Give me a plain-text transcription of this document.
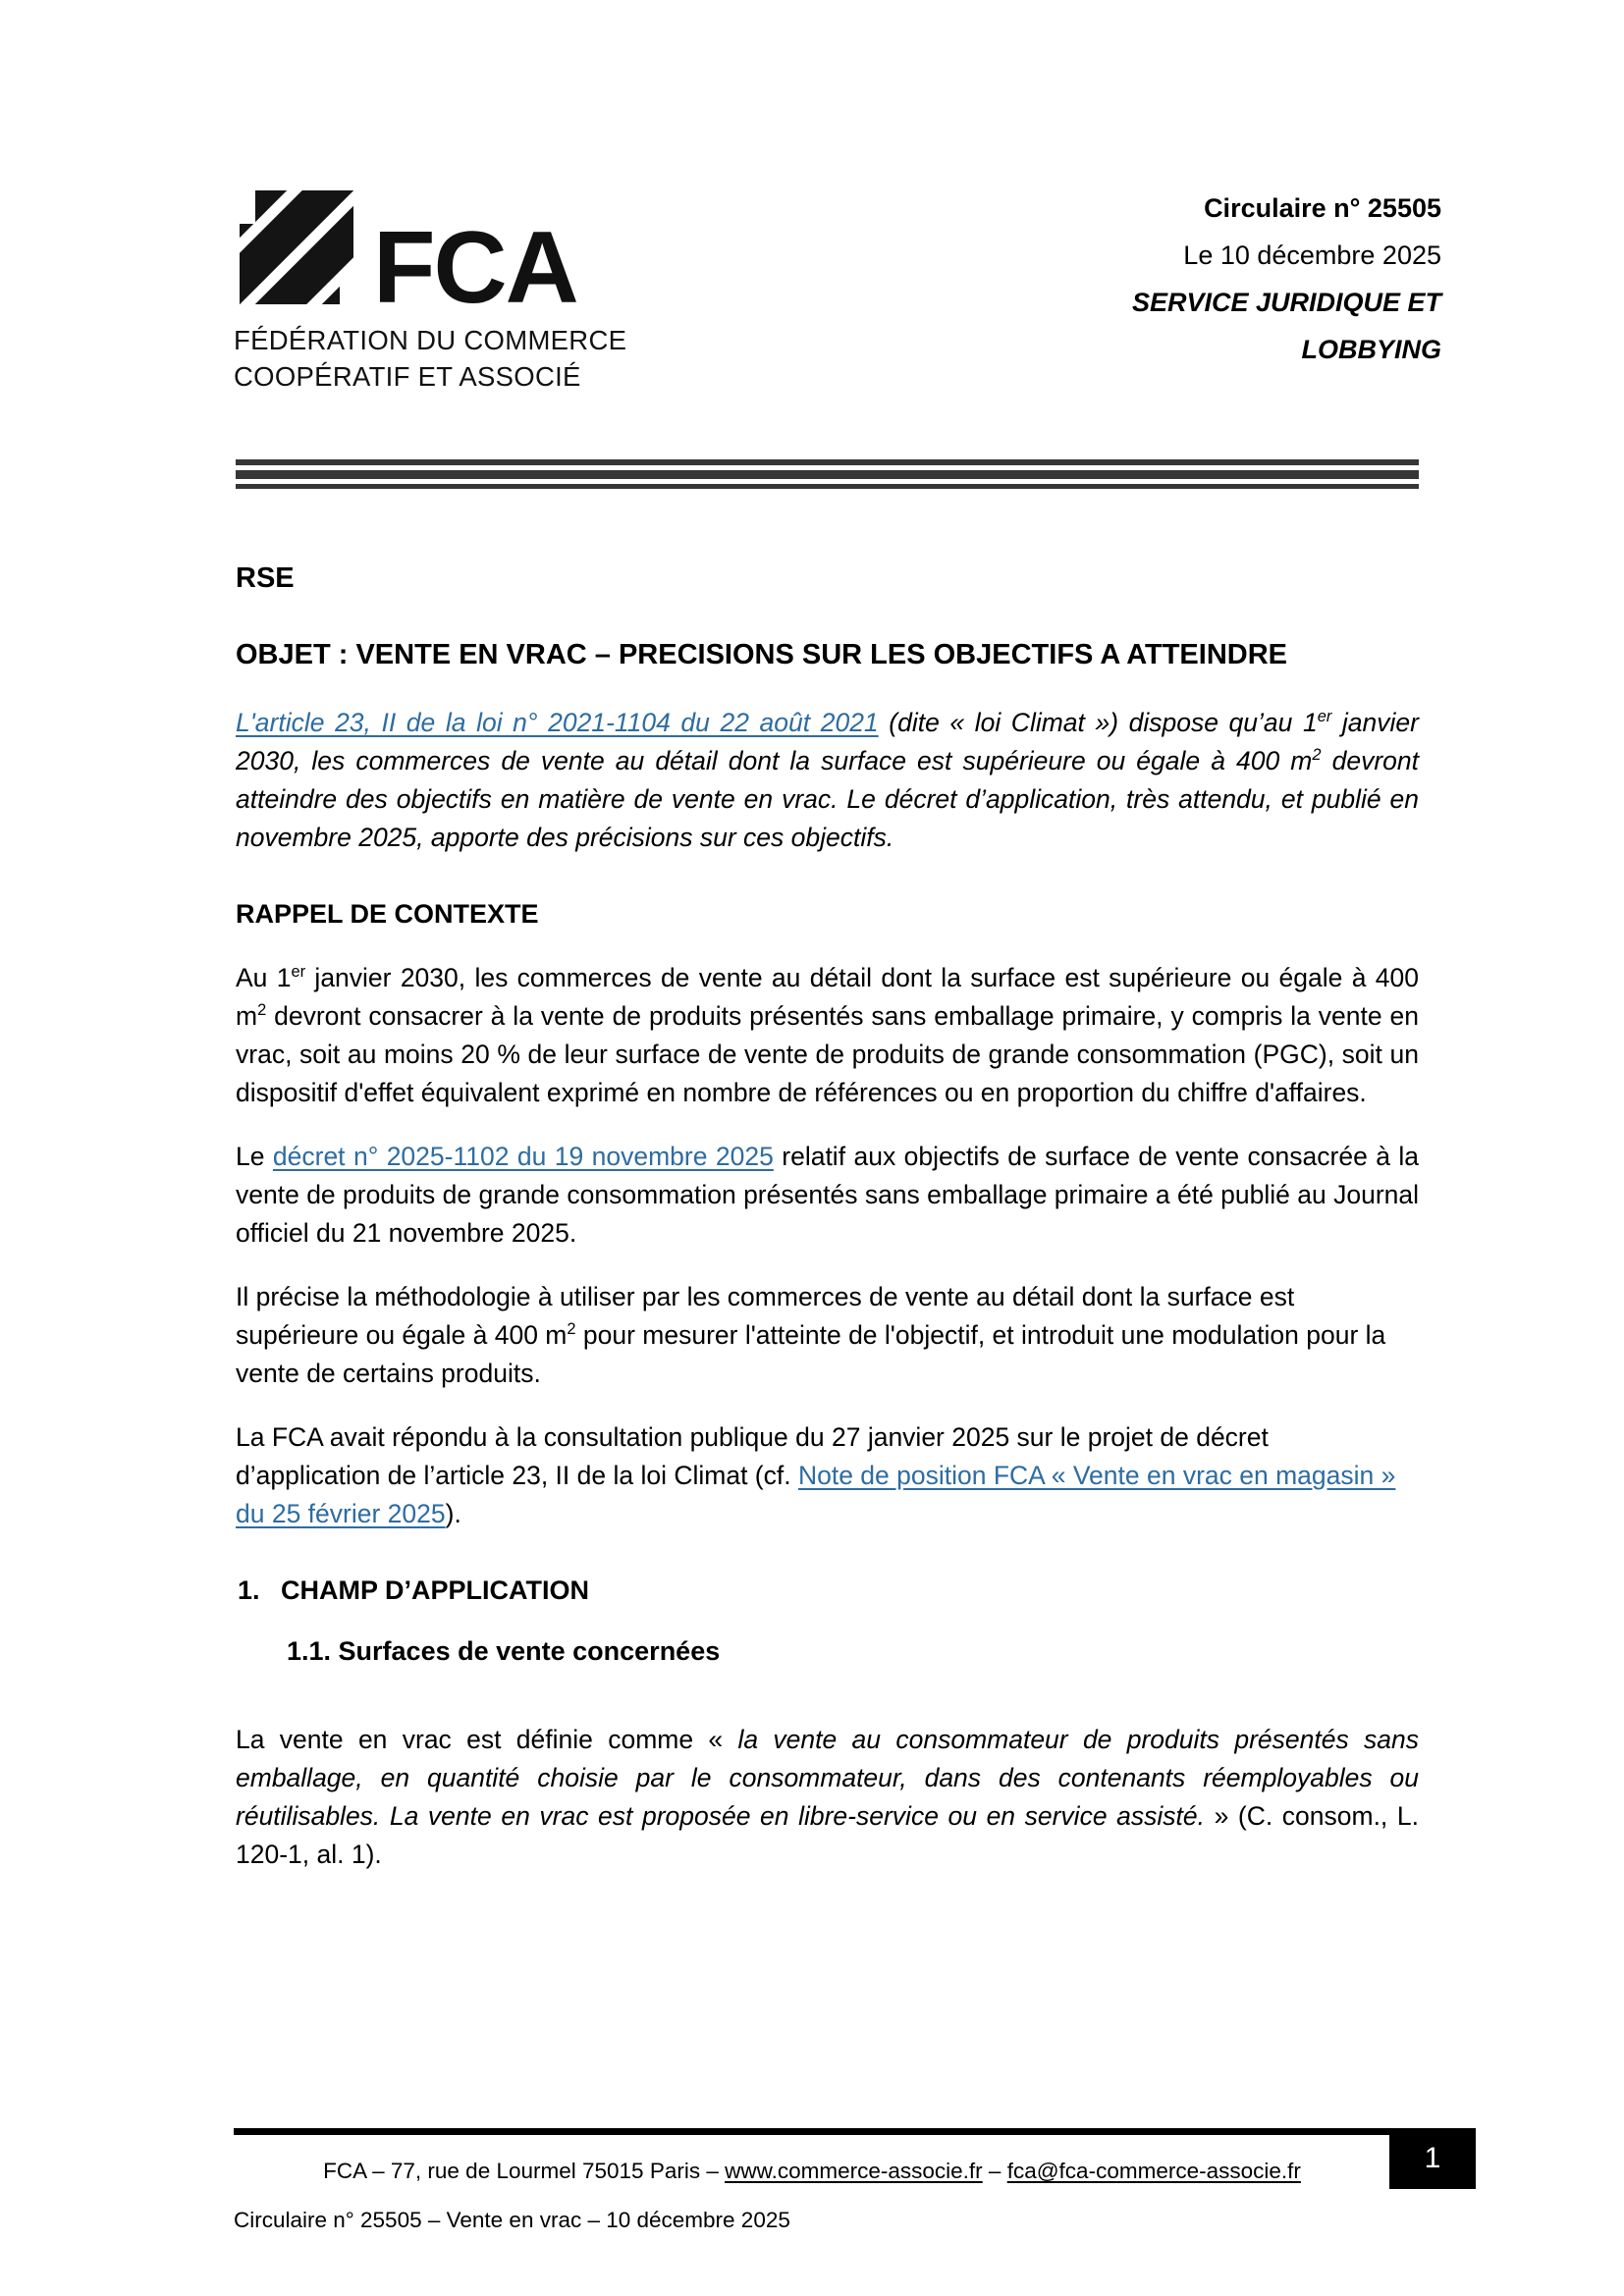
FCA
FÉDÉRATION DU COMMERCE
COOPÉRATIF ET ASSOCIÉ
Circulaire n° 25505
Le 10 décembre 2025
SERVICE JURIDIQUE ET
LOBBYING
RSE
OBJET : VENTE EN VRAC – PRECISIONS SUR LES OBJECTIFS A ATTEINDRE

L'article 23, II de la loi n° 2021-1104 du 22 août 2021 (dite « loi Climat ») dispose qu’au 1er janvier 2030, les commerces de vente au détail dont la surface est supérieure ou égale à 400 $m^2$ devront atteindre des objectifs en matière de vente en vrac. Le décret d’application, très attendu, et publié en novembre 2025, apporte des précisions sur ces objectifs.

RAPPEL DE CONTEXTE

Au 1er janvier 2030, les commerces de vente au détail dont la surface est supérieure ou égale à 400 $m^2$ devront consacrer à la vente de produits présentés sans emballage primaire, y compris la vente en vrac, soit au moins 20 % de leur surface de vente de produits de grande consommation (PGC), soit un dispositif d'effet équivalent exprimé en nombre de références ou en proportion du chiffre d'affaires.

Le décret n° 2025-1102 du 19 novembre 2025 relatif aux objectifs de surface de vente consacrée à la vente de produits de grande consommation présentés sans emballage primaire a été publié au Journal officiel du 21 novembre 2025.

Il précise la méthodologie à utiliser par les commerces de vente au détail dont la surface est supérieure ou égale à 400 $m^2$ pour mesurer l'atteinte de l'objectif, et introduit une modulation pour la vente de certains produits.

La FCA avait répondu à la consultation publique du 27 janvier 2025 sur le projet de décret d’application de l’article 23, II de la loi Climat (cf. Note de position FCA « Vente en vrac en magasin » du 25 février 2025).

1. CHAMP D’APPLICATION
1.1. Surfaces de vente concernées

La vente en vrac est définie comme « la vente au consommateur de produits présentés sans emballage, en quantité choisie par le consommateur, dans des contenants réemployables ou réutilisables. La vente en vrac est proposée en libre-service ou en service assisté. » (C. consom., L. 120-1, al. 1).

FCA – 77, rue de Lourmel 75015 Paris – www.commerce-associe.fr – fca@fca-commerce-associe.fr
Circulaire n° 25505 – Vente en vrac – 10 décembre 2025
1
